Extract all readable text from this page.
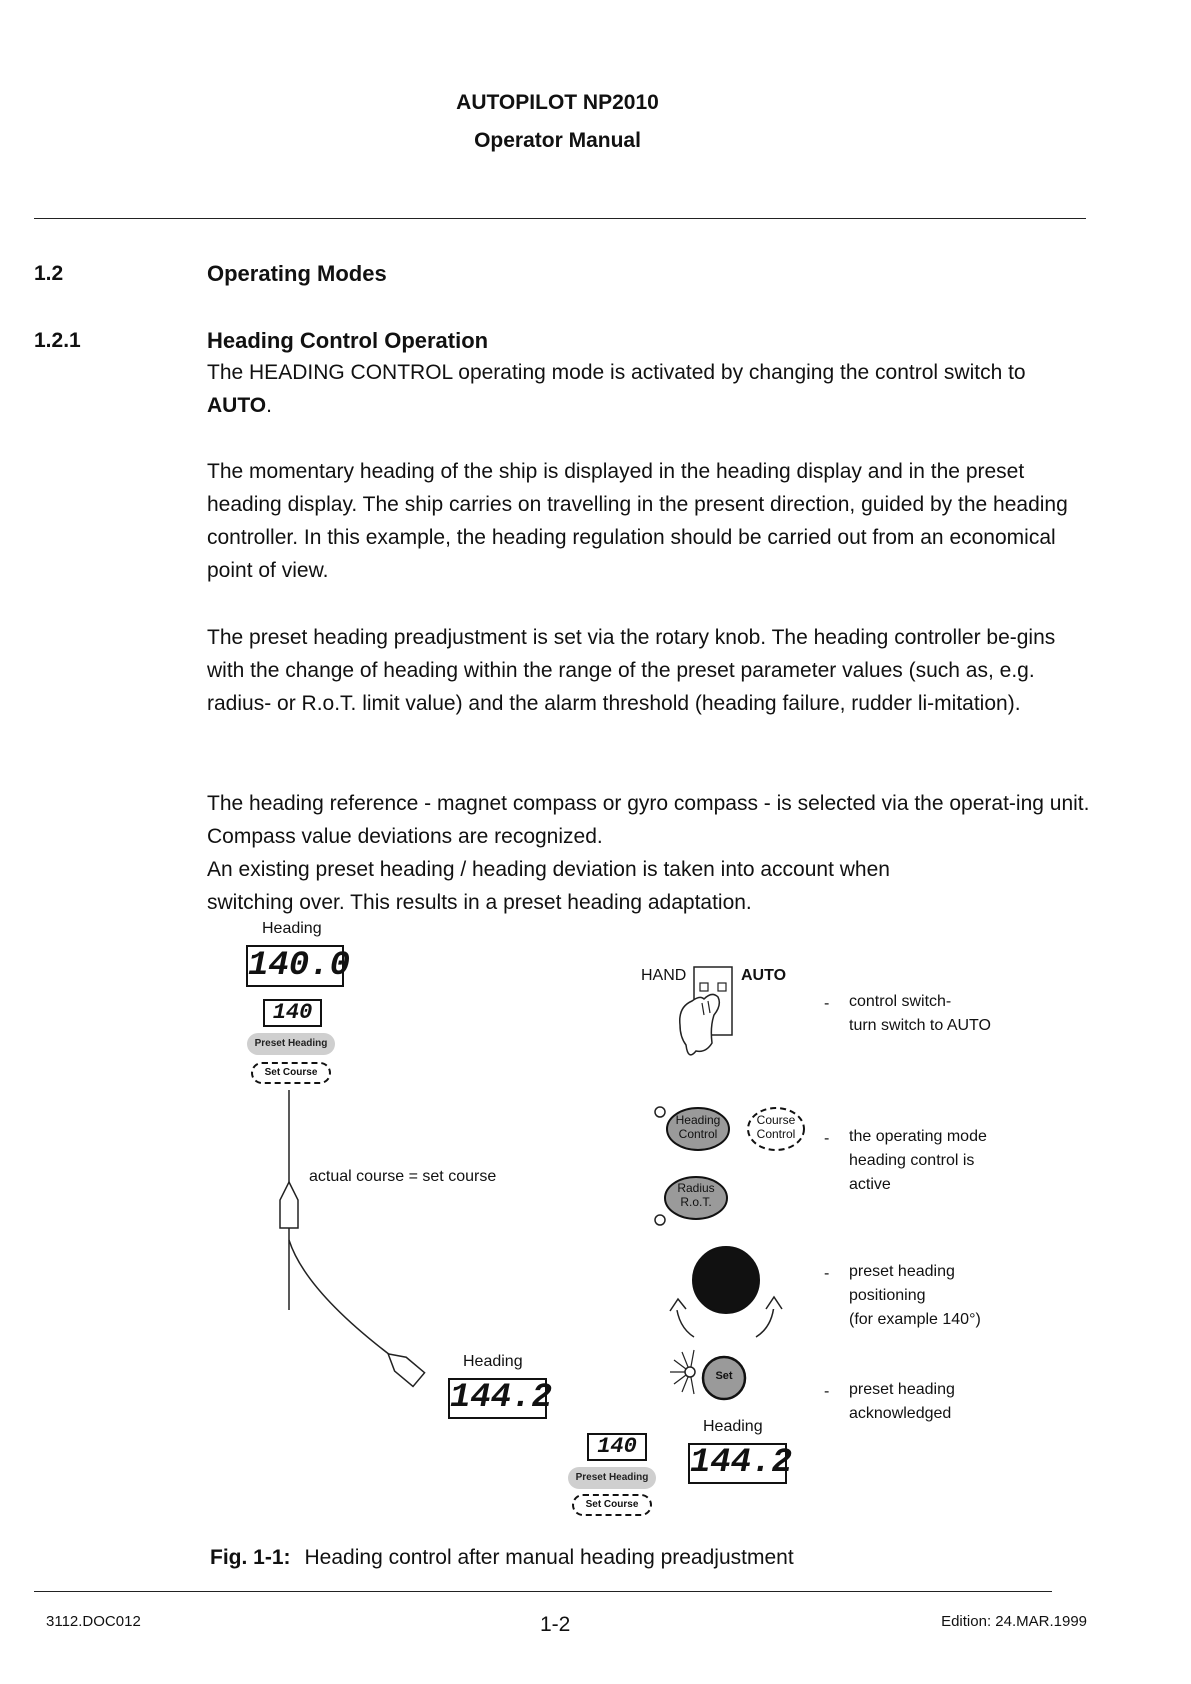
AUTOPILOT NP2010
Operator Manual
1.2	Operating Modes
1.2.1	Heading Control Operation

The HEADING CONTROL operating mode is activated by changing the control switch to
AUTO.

The momentary heading of the ship is displayed in the heading display and in the preset heading display. The ship carries on travelling in the present direction, guided by the heading controller. In this example, the heading regulation should be carried out from an economical point of view.
The preset heading preadjustment is set via the rotary knob. The heading controller be-gins with the change of heading within the range of the preset parameter values (such as, e.g. radius- or R.o.T. limit value) and the alarm threshold (heading failure, rudder li-mitation).

The heading reference - magnet compass or gyro compass - is selected via the operat-ing unit. Compass value deviations are recognized.

An existing preset heading / heading deviation is taken into account when

switching over. This results in a preset heading adaptation.

Heading
140.0
140
Preset Heading
Set Course
actual course = set course
Heading
144.2
140
Preset Heading
Set Course
HAND	AUTO
Heading Control
Course Control
Radius R.o.T.
Set
Heading
144.2
- control switch-
turn switch to AUTO
- the operating mode
heading control is
active
- preset heading
positioning
(for example 140°)
- preset heading
acknowledged
Fig. 1-1: Heading control after manual heading preadjustment
3112.DOC012	1-2	Edition: 24.MAR.1999
